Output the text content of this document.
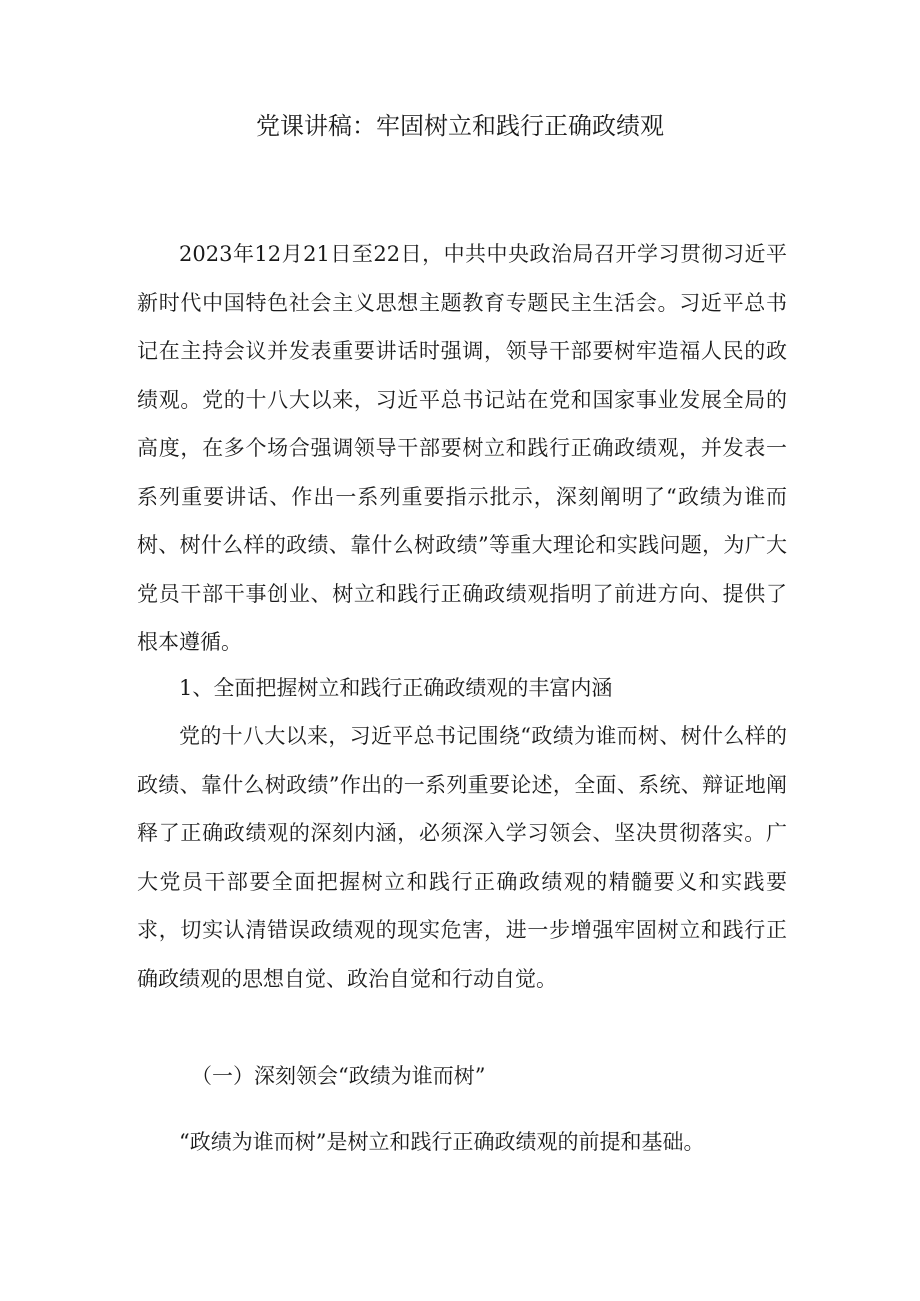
党课讲稿：牢固树立和践行正确政绩观

2023年12月21日至22日，中共中央政治局召开学习贯彻习近平新时代中国特色社会主义思想主题教育专题民主生活会。习近平总书记在主持会议并发表重要讲话时强调，领导干部要树牢造福人民的政绩观。党的十八大以来，习近平总书记站在党和国家事业发展全局的高度，在多个场合强调领导干部要树立和践行正确政绩观，并发表一系列重要讲话、作出一系列重要指示批示，深刻阐明了“政绩为谁而树、树什么样的政绩、靠什么树政绩”等重大理论和实践问题，为广大党员干部干事创业、树立和践行正确政绩观指明了前进方向、提供了根本遵循。

1、全面把握树立和践行正确政绩观的丰富内涵

党的十八大以来，习近平总书记围绕“政绩为谁而树、树什么样的政绩、靠什么树政绩”作出的一系列重要论述，全面、系统、辩证地阐释了正确政绩观的深刻内涵，必须深入学习领会、坚决贯彻落实。广大党员干部要全面把握树立和践行正确政绩观的精髓要义和实践要求，切实认清错误政绩观的现实危害，进一步增强牢固树立和践行正确政绩观的思想自觉、政治自觉和行动自觉。

（一）深刻领会“政绩为谁而树”

“政绩为谁而树”是树立和践行正确政绩观的前提和基础。
